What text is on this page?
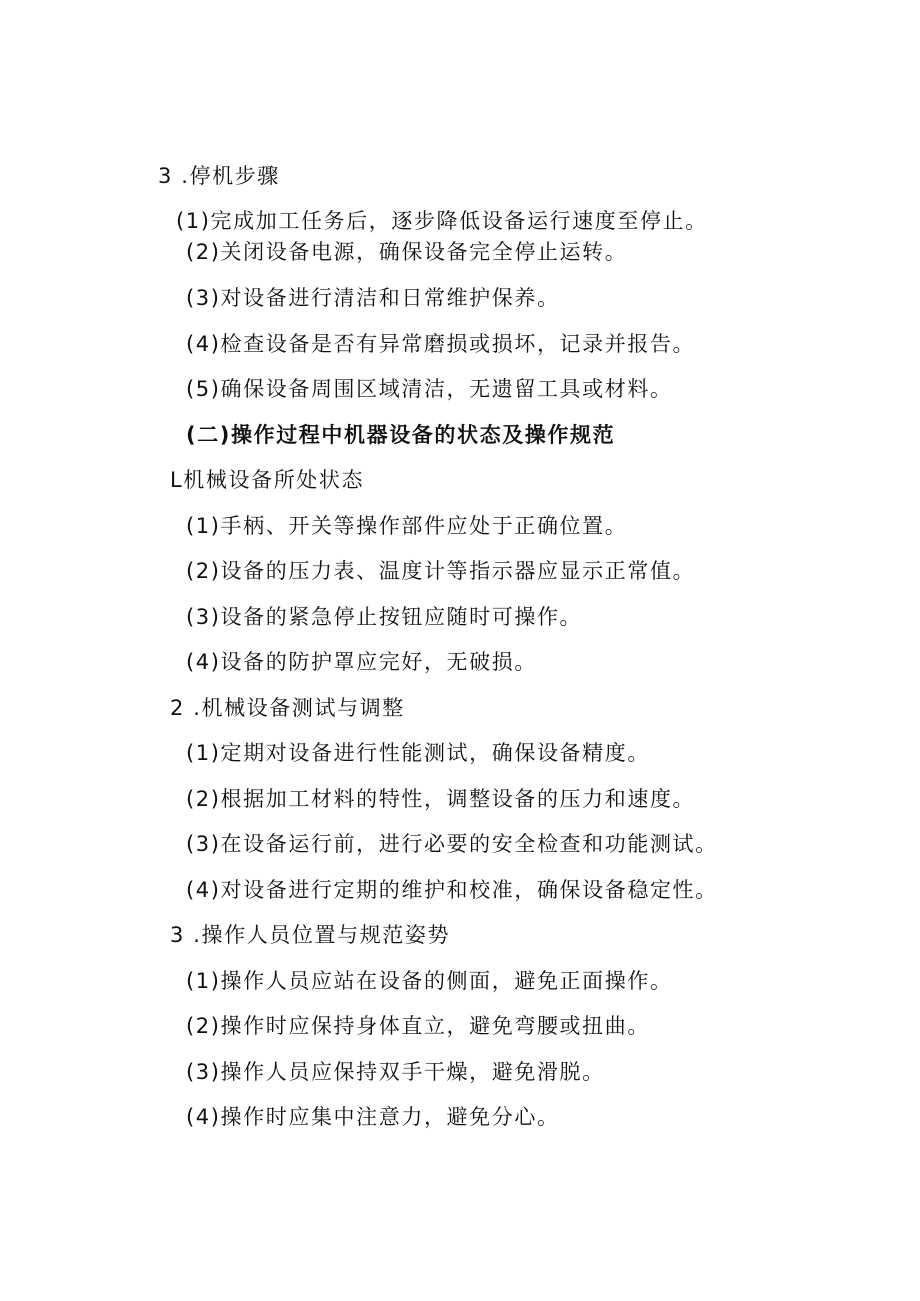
3 .停机步骤
(1)完成加工任务后，逐步降低设备运行速度至停止。
(2)关闭设备电源，确保设备完全停止运转。
(3)对设备进行清洁和日常维护保养。
(4)检查设备是否有异常磨损或损坏，记录并报告。
(5)确保设备周围区域清洁，无遗留工具或材料。
(二)操作过程中机器设备的状态及操作规范
L机械设备所处状态
(1)手柄、开关等操作部件应处于正确位置。
(2)设备的压力表、温度计等指示器应显示正常值。
(3)设备的紧急停止按钮应随时可操作。
(4)设备的防护罩应完好，无破损。
2 .机械设备测试与调整
(1)定期对设备进行性能测试，确保设备精度。
(2)根据加工材料的特性，调整设备的压力和速度。
(3)在设备运行前，进行必要的安全检查和功能测试。
(4)对设备进行定期的维护和校准，确保设备稳定性。
3 .操作人员位置与规范姿势
(1)操作人员应站在设备的侧面，避免正面操作。
(2)操作时应保持身体直立，避免弯腰或扭曲。
(3)操作人员应保持双手干燥，避免滑脱。
(4)操作时应集中注意力，避免分心。
